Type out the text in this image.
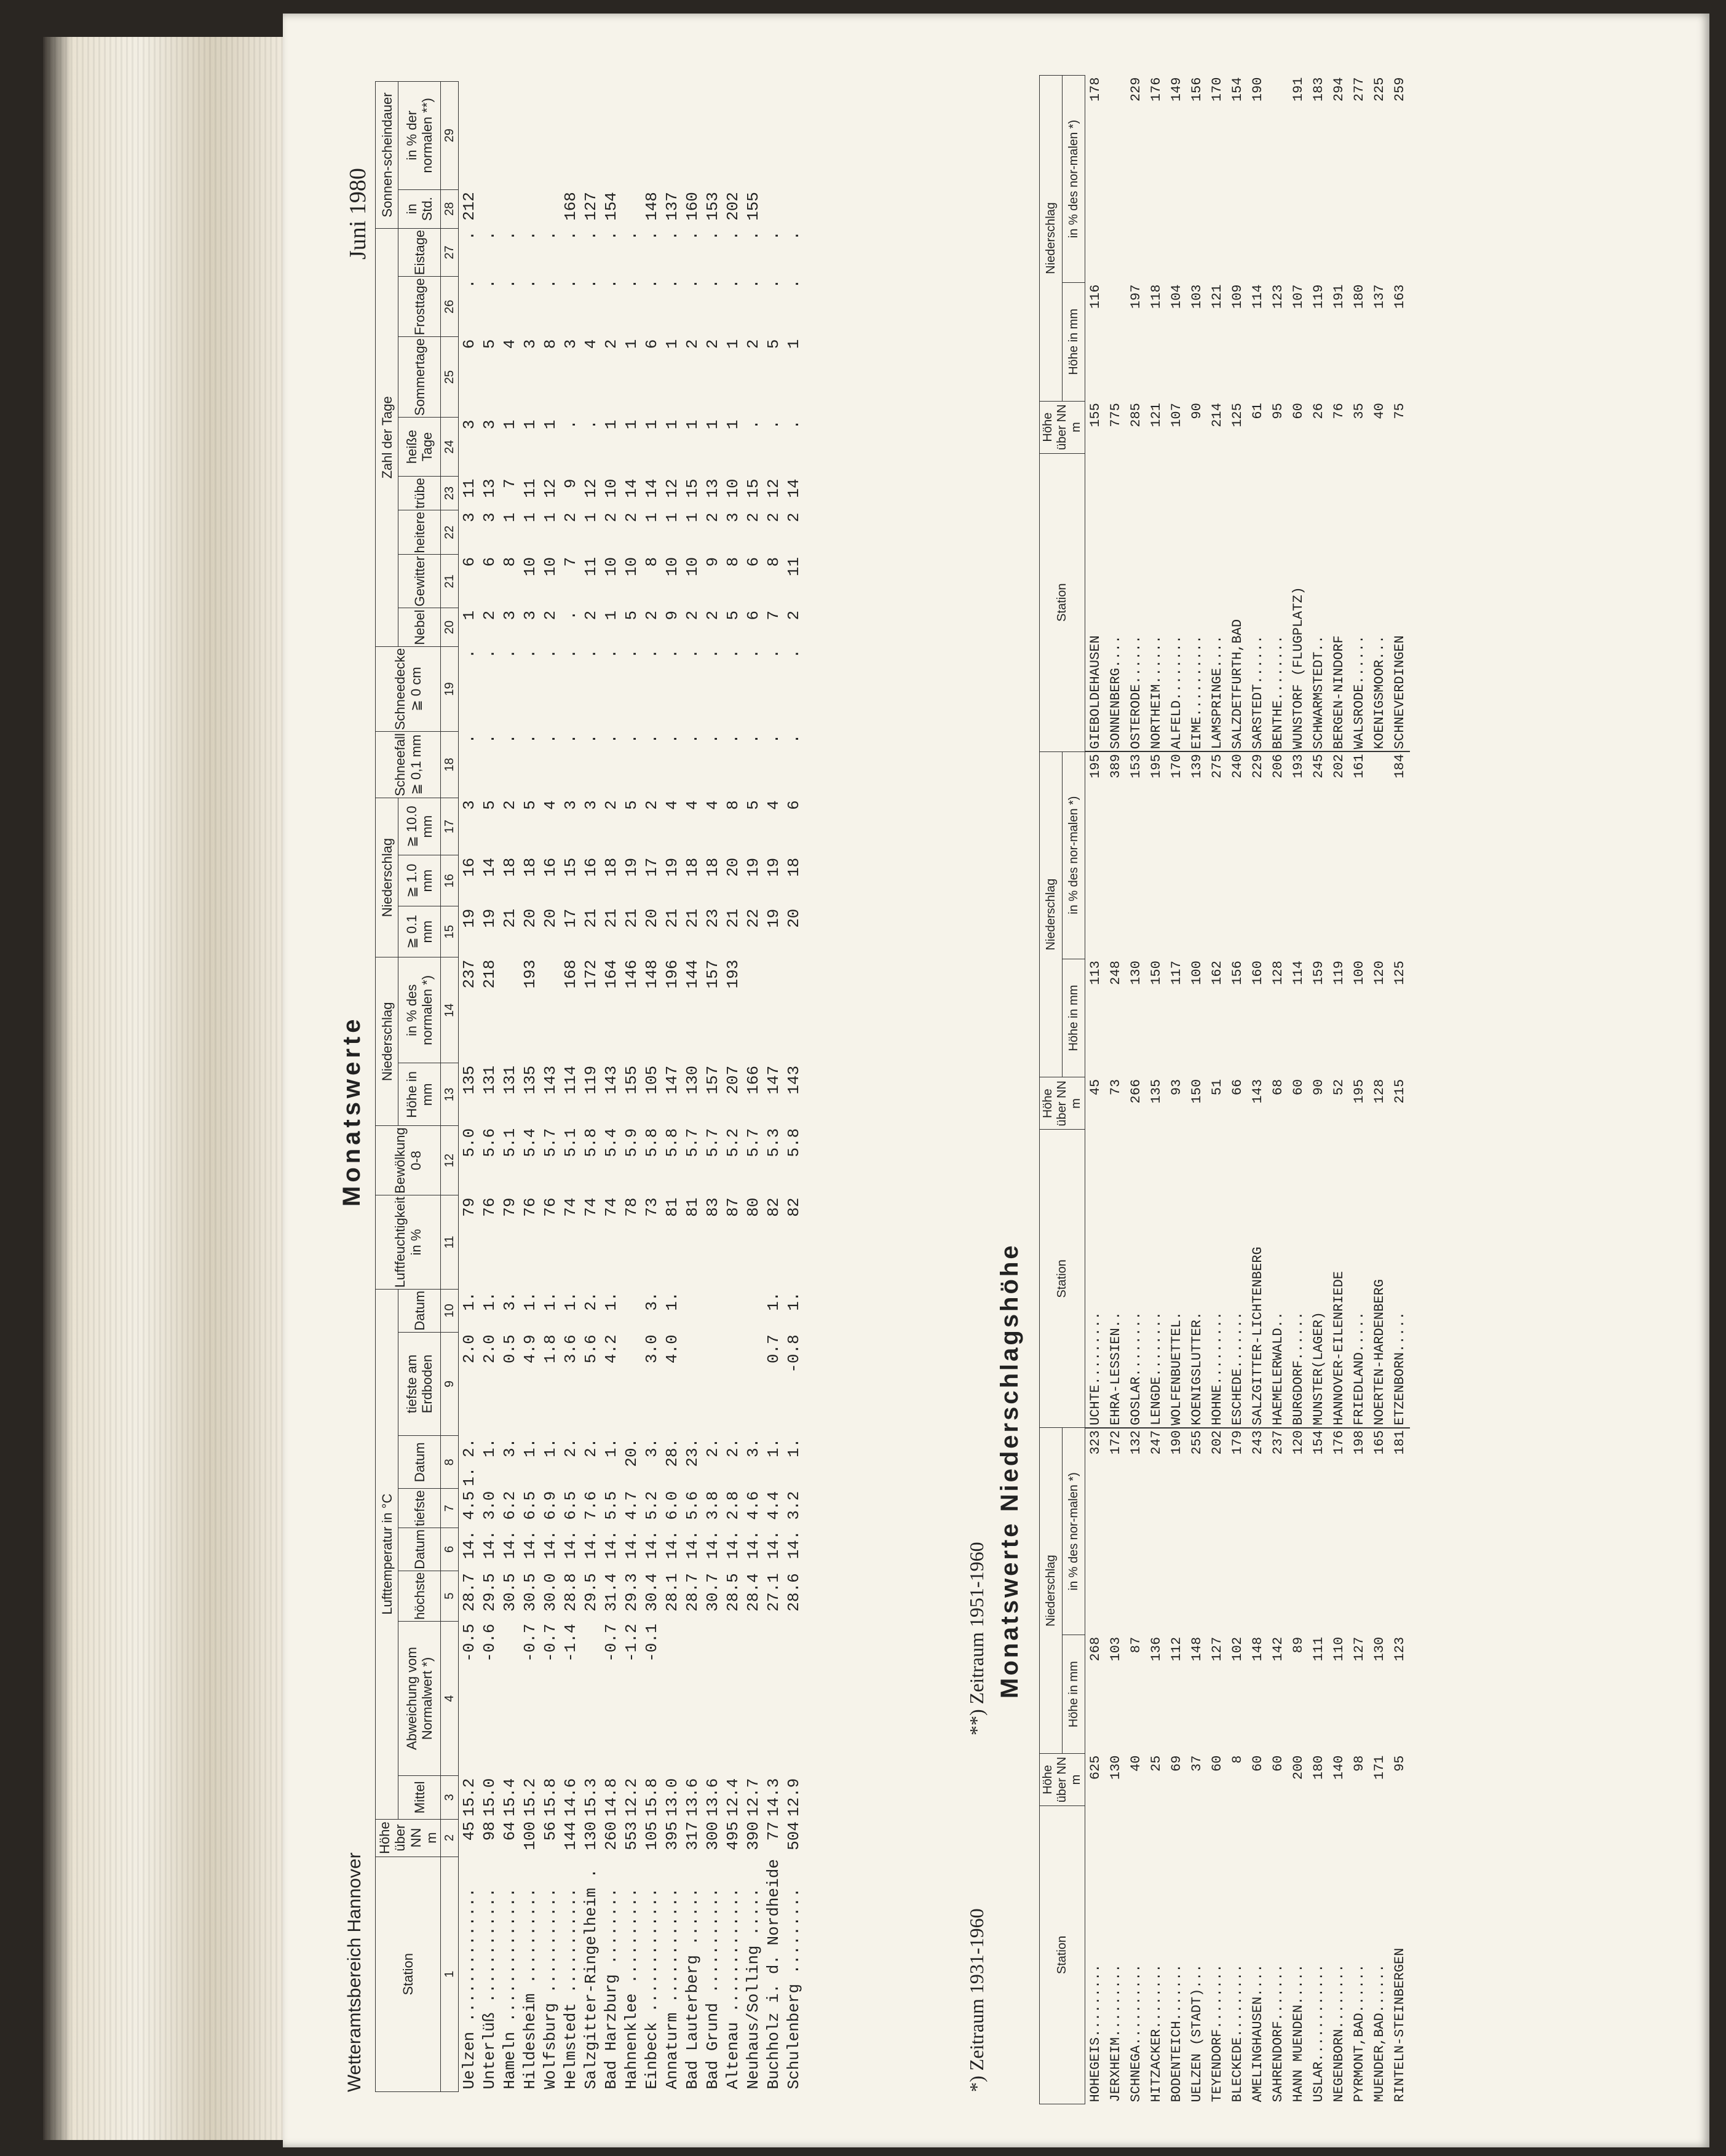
Wetteramtsbereich Hannover
Monatswerte
Juni 1980
Station	Höhe über NN m	Lufttemperatur in °C								Luftfeuchtigkeit in %	Bewölkung 0-8	Niederschlag		Niederschlag			Schneefall ≧ 0,1 mm	Schneedecke ≧ 0 cm	Zahl der Tage								Sonnen-scheindauer	
		Mittel	Abweichung vom Normalwert *)	höchste	Datum	tiefste	Datum	tiefste am Erdboden	Datum			Höhe in mm	in % des normalen *)	≧ 0.1 mm	≧ 1.0 mm	≧ 10.0 mm			Nebel	Gewitter	heitere	trübe	heiße Tage	Sommertage	Frosttage	Eistage	in Std.	in % der normalen **)
1	2	3	4	5	6	7	8	9	10	11	12	13	14	15	16	17	18	19	20	21	22	23	24	25	26	27	28	29
Uelzen ..............	45	15.2	-0.5	28.7	14.	4.5	1. 2.	2.0	1.	79	5.0	135	237	19	16	3	.	.	1	6	3	11	3	6	.	.	212	
Unterlüß ............	98	15.0	-0.6	29.5	14.	3.0	1.	2.0	1.	76	5.6	131	218	19	14	5	.	.	2	6	3	13	3	5	.	.		
Hameln ..............	64	15.4		30.5	14.	6.2	3.	0.5	3.	79	5.1	131		21	18	2	.	.	3	8	1	7	1	4	.	.		
Hildesheim ..........	100	15.2	-0.7	30.5	14.	6.5	1.	4.9	1.	76	5.4	135	193	20	18	5	.	.	3	10	1	11	1	3	.	.		
Wolfsburg ...........	56	15.8	-0.7	30.0	14.	6.9	1.	1.8	1.	76	5.7	143		20	16	4	.	.	2	10	1	12	1	8	.	.		
Helmstedt ...........	144	14.6	-1.4	28.8	14.	6.5	2.	3.6	1.	74	5.1	114	168	17	15	3	.	.	.	7	2	9	.	3	.	.	168	
Salzgitter-Ringelheim .	130	15.3		29.5	14.	7.6	2.	5.6	2.	74	5.8	119	172	21	16	3	.	.	2	11	1	12	.	4	.	.	127	
Bad Harzburg ........	260	14.8	-0.7	31.4	14.	5.5	1.	4.2	1.	74	5.4	143	164	21	18	2	.	.	1	10	2	10	1	2	.	.	154	
Hahnenklee ..........	553	12.2	-1.2	29.3	14.	4.7	20.			78	5.9	155	146	21	19	5	.	.	5	10	2	14	1	1	.	.		
Einbeck .............	105	15.8	-0.1	30.4	14.	5.2	3.	3.0	3.	73	5.8	105	148	20	17	2	.	.	2	8	1	14	1	6	.	.	148	
Annaturm ............	395	13.0		28.1	14.	6.0	28.	4.0	1.	81	5.8	147	196	21	19	4	.	.	9	10	1	12	1	1	.	.	137	
Bad Lauterberg ......	317	13.6		28.7	14.	5.6	23.			81	5.7	130	144	21	18	4	.	.	2	10	1	15	1	2	.	.	160	
Bad Grund ...........	300	13.6		30.7	14.	3.8	2.			83	5.7	157	157	23	18	4	.	.	2	9	2	13	1	2	.	.	153	
Altenau .............	495	12.4		28.5	14.	2.8	2.			87	5.2	207	193	21	20	8	.	.	5	8	3	10	1	1	.	.	202	
Neuhaus/Solling .....	390	12.7		28.4	14.	4.6	3.			80	5.7	166		22	19	5	.	.	6	6	2	15	.	2	.	.	155	
Buchholz i. d. Nordheide	77	14.3		27.1	14.	4.4	1.	0.7	1.	82	5.3	147		19	19	4	.	.	7	8	2	12	.	5	.	.		
Schulenberg .........	504	12.9		28.6	14.	3.2	1.	-0.8	1.	82	5.8	143		20	18	6	.	.	2	11	2	14	.	1	.	.		
*) Zeitraum 1931-1960
**) Zeitraum 1951-1960 Monatswerte Niederschlagshöhe
Station	Höhe über NN m	Niederschlag		Station	Höhe über NN m	Niederschlag		Station	Höhe über NN m	Niederschlag	
		Höhe in mm	in % des nor-malen *)			Höhe in mm	in % des nor-malen *)			Höhe in mm	in % des nor-malen *)
HOHEGEIS.........	625	268	323	UCHTE.........	45	113	195	GIEBOLDEHAUSEN	155	116	178
JERXHEIM.........	130	103	172	EHRA-LESSIEN..	73	248	389	SONNENBERG....	775		
SCHNEGA..........	40	87	132	GOSLAR........	266	130	153	OSTERODE......	285	197	229
HITZACKER........	25	136	247	LENGDE........	135	150	195	NORTHEIM......	121	118	176
BODENTEICH.......	69	112	190	WOLFENBUETTEL.	93	117	170	ALFELD........	107	104	149
UELZEN (STADT)...	37	148	255	KOENIGSLUTTER.	150	100	139	EIME..........	90	103	156
TEYENDORF........	60	127	202	HOHNE.........	51	162	275	LAMSPRINGE....	214	121	170
BLECKEDE.........	8	102	179	ESCHEDE.......	66	156	240	SALZDETFURTH,BAD	125	109	154
AMELINGHAUSEN....	60	148	243	SALZGITTER-LICHTENBERG	143	160	229	SARSTEDT......	61	114	190
SAHRENDORF.......	60	142	237	HAEMELERWALD..	68	128	206	BENTHE........	95	123	
HANN MUENDEN.....	200	89	120	BURGDORF......	60	114	193	WUNSTORF (FLUGPLATZ)	60	107	191
USLAR............	180	111	154	MUNSTER(LAGER)	90	159	245	SCHWARMSTEDT..	26	119	183
NEGENBORN........	140	110	176	HANNOVER-EILENRIEDE	52	119	202	BERGEN-NINDORF	76	191	294
PYRMONT,BAD......	98	127	198	FRIEDLAND.....	195	100	161	WALSRODE......	35	180	277
MUENDER,BAD......	171	130	165	NOERTEN-HARDENBERG	128	120		KOENIGSMOOR...	40	137	225
RINTELN-STEINBERGEN	95	123	181	ETZENBORN.....	215	125	184	SCHNEVERDINGEN	75	163	259
